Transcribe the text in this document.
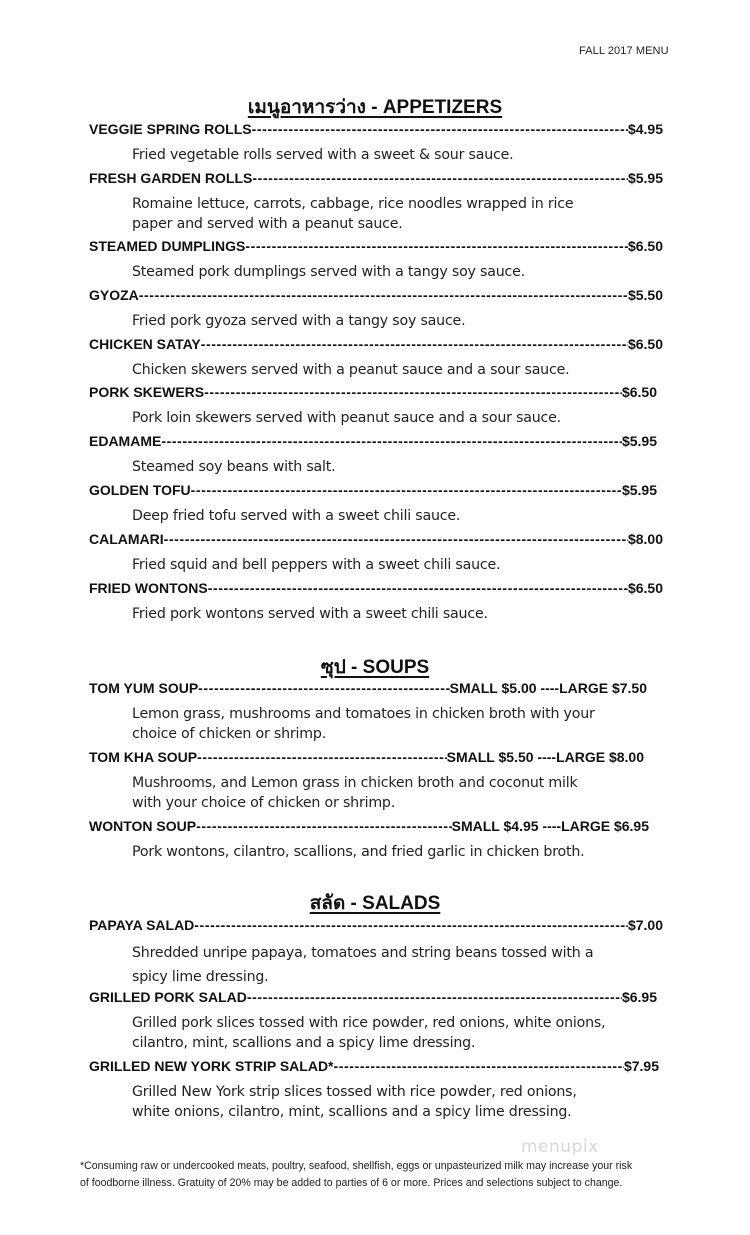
FALL 2017 MENU
เมนูอาหารว่าง - APPETIZERS
VEGGIE SPRING ROLLS -----	$4.95
Fried vegetable rolls served with a sweet & sour sauce.
FRESH GARDEN ROLLS -----	$5.95
Romaine lettuce, carrots, cabbage, rice noodles wrapped in rice
paper and served with a peanut sauce.
STEAMED DUMPLINGS -----	$6.50
Steamed pork dumplings served with a tangy soy sauce.
GYOZA -----	$5.50
Fried pork gyoza served with a tangy soy sauce.
CHICKEN SATAY -----	$6.50
Chicken skewers served with a peanut sauce and a sour sauce.
PORK SKEWERS -----	$6.50
Pork loin skewers served with peanut sauce and a sour sauce.
EDAMAME -----	$5.95
Steamed soy beans with salt.
GOLDEN TOFU -----	$5.95
Deep fried tofu served with a sweet chili sauce.
CALAMARI -----	$8.00
Fried squid and bell peppers with a sweet chili sauce.
FRIED WONTONS -----	$6.50
Fried pork wontons served with a sweet chili sauce.
ซุป - SOUPS
TOM YUM SOUP -----	SMALL $5.00 ----LARGE $7.50
Lemon grass, mushrooms and tomatoes in chicken broth with your
choice of chicken or shrimp.
TOM KHA SOUP -----	SMALL $5.50 ----LARGE $8.00
Mushrooms, and Lemon grass in chicken broth and coconut milk
with your choice of chicken or shrimp.
WONTON SOUP -----	SMALL $4.95 ----LARGE $6.95
Pork wontons, cilantro, scallions, and fried garlic in chicken broth.
สลัด - SALADS
PAPAYA SALAD -----	$7.00
Shredded unripe papaya, tomatoes and string beans tossed with a
spicy lime dressing.
GRILLED PORK SALAD -----	$6.95
Grilled pork slices tossed with rice powder, red onions, white onions,
cilantro, mint, scallions and a spicy lime dressing.
GRILLED NEW YORK STRIP SALAD* -----	$7.95
Grilled New York strip slices tossed with rice powder, red onions,
white onions, cilantro, mint, scallions and a spicy lime dressing.
menupix
*Consuming raw or undercooked meats, poultry, seafood, shellfish, eggs or unpasteurized milk may increase your risk
of foodborne illness. Gratuity of 20% may be added to parties of 6 or more. Prices and selections subject to change.
